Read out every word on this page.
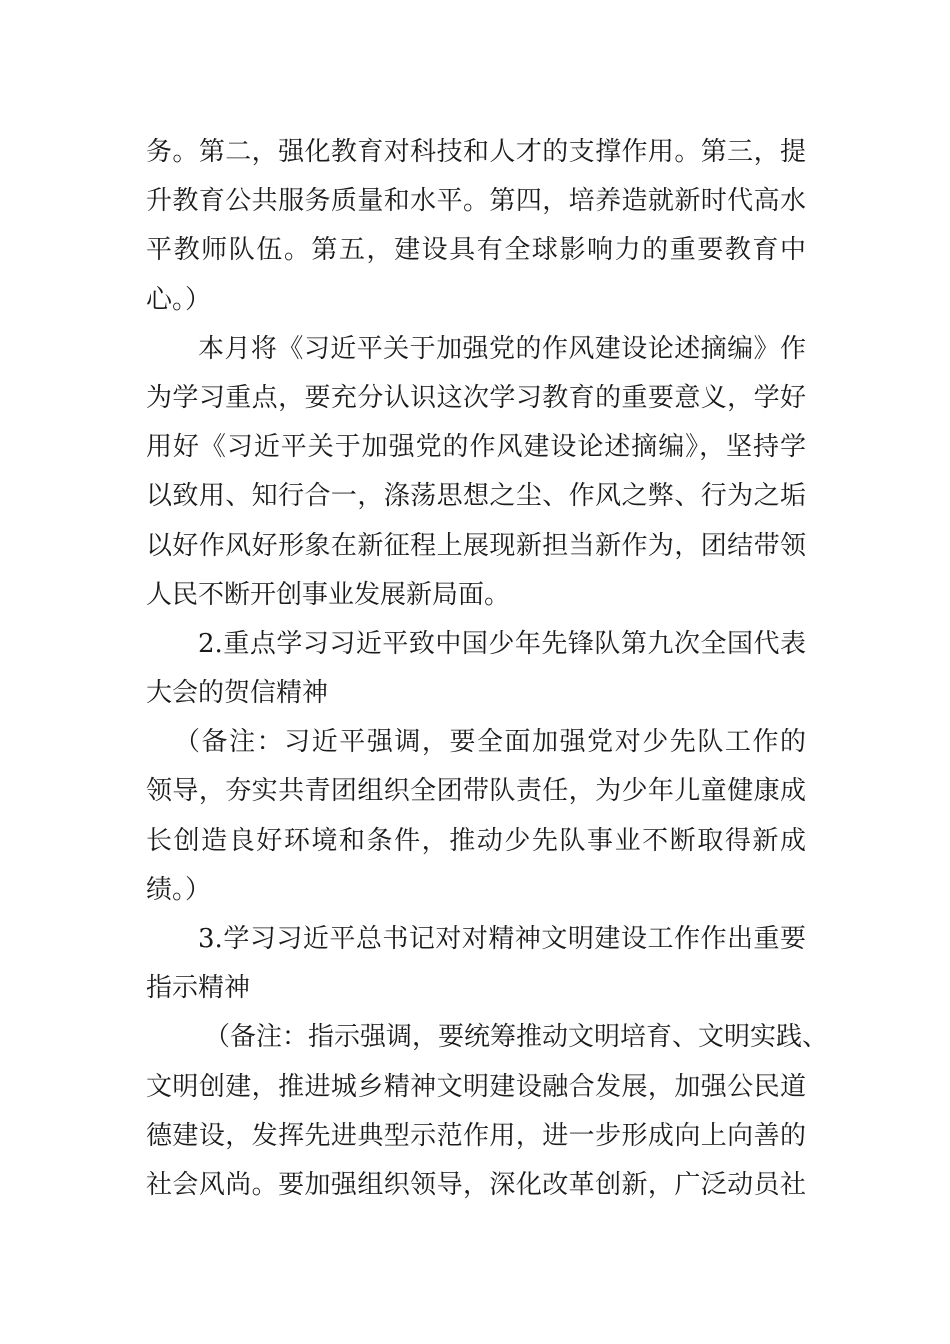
务。第二，强化教育对科技和人才的支撑作用。第三，提
升教育公共服务质量和水平。第四，培养造就新时代高水
平教师队伍。第五，建设具有全球影响力的重要教育中
心。）
本月将《习近平关于加强党的作风建设论述摘编》作
为学习重点，要充分认识这次学习教育的重要意义，学好
用好《习近平关于加强党的作风建设论述摘编》，坚持学
以致用、知行合一，涤荡思想之尘、作风之弊、行为之垢
以好作风好形象在新征程上展现新担当新作为，团结带领
人民不断开创事业发展新局面。
2.重点学习习近平致中国少年先锋队第九次全国代表
大会的贺信精神
（备注：习近平强调，要全面加强党对少先队工作的
领导，夯实共青团组织全团带队责任，为少年儿童健康成
长创造良好环境和条件，推动少先队事业不断取得新成
绩。）
3.学习习近平总书记对对精神文明建设工作作出重要
指示精神
（备注：指示强调，要统筹推动文明培育、文明实践、
文明创建，推进城乡精神文明建设融合发展，加强公民道
德建设，发挥先进典型示范作用，进一步形成向上向善的
社会风尚。要加强组织领导，深化改革创新，广泛动员社
